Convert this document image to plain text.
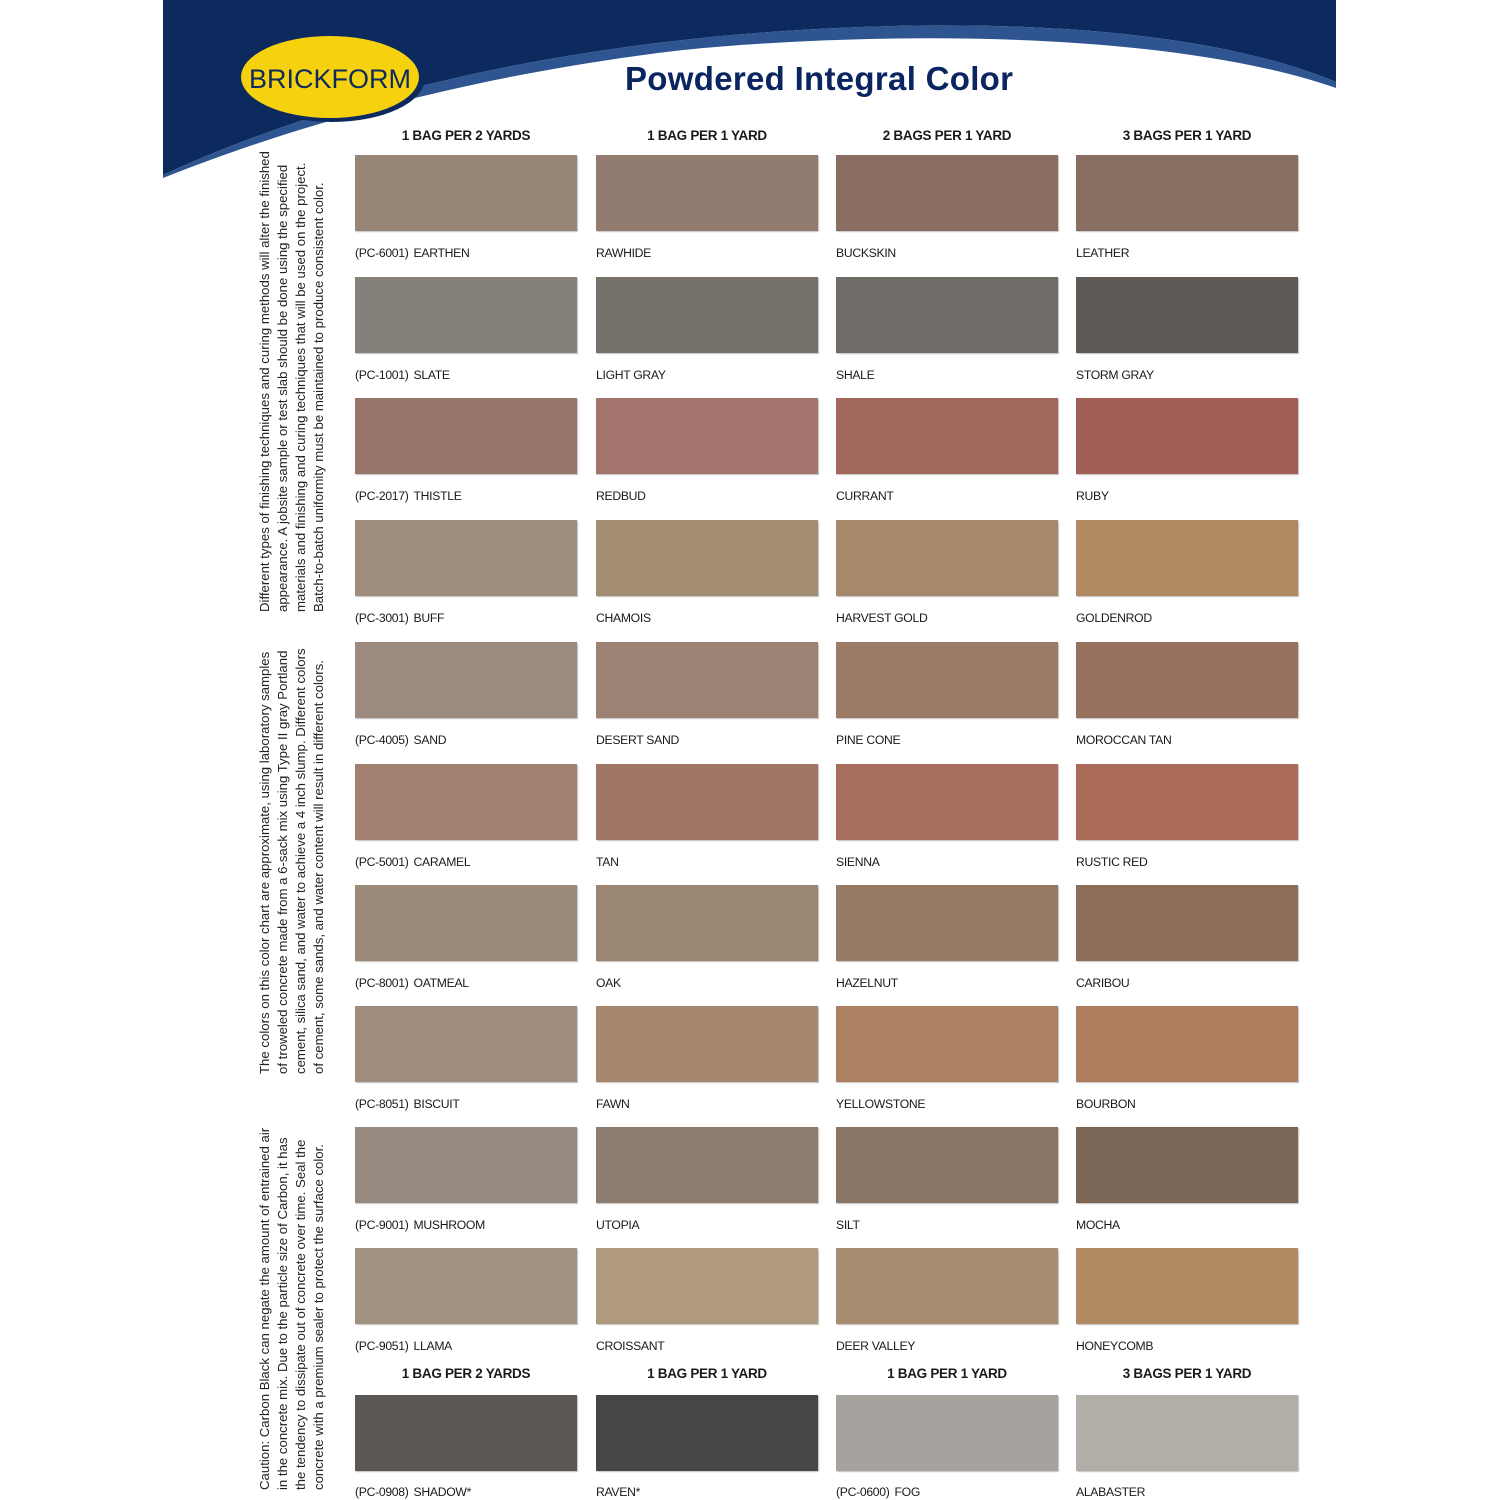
BRICKFORM	Powdered Integral Color
1 BAG PER 2 YARDS	1 BAG PER 1 YARD	2 BAGS PER 1 YARD	3 BAGS PER 1 YARD
(PC-6001) EARTHEN	RAWHIDE	BUCKSKIN	LEATHER
(PC-1001) SLATE	LIGHT GRAY	SHALE	STORM GRAY
(PC-2017) THISTLE	REDBUD	CURRANT	RUBY
(PC-3001) BUFF	CHAMOIS	HARVEST GOLD	GOLDENROD
(PC-4005) SAND	DESERT SAND	PINE CONE	MOROCCAN TAN
(PC-5001) CARAMEL	TAN	SIENNA	RUSTIC RED
(PC-8001) OATMEAL	OAK	HAZELNUT	CARIBOU
(PC-8051) BISCUIT	FAWN	YELLOWSTONE	BOURBON
(PC-9001) MUSHROOM	UTOPIA	SILT	MOCHA
(PC-9051) LLAMA	CROISSANT	DEER VALLEY	HONEYCOMB
1 BAG PER 2 YARDS	1 BAG PER 1 YARD	1 BAG PER 1 YARD	3 BAGS PER 1 YARD
(PC-0908) SHADOW*	RAVEN*	(PC-0600) FOG	ALABASTER
Different types of finishing techniques and curing methods will alter the finished
appearance. A jobsite sample or test slab should be done using the specified
materials and finishing and curing techniques that will be used on the project.
Batch-to-batch uniformity must be maintained to produce consistent color.
The colors on this color chart are approximate, using laboratory samples
of troweled concrete made from a 6-sack mix using Type II gray Portland
cement, silica sand, and water to achieve a 4 inch slump. Different colors
of cement, some sands, and water content will result in different colors.
Caution: Carbon Black can negate the amount of entrained air
in the concrete mix. Due to the particle size of Carbon, it has
the tendency to dissipate out of concrete over time. Seal the
concrete with a premium sealer to protect the surface color.
